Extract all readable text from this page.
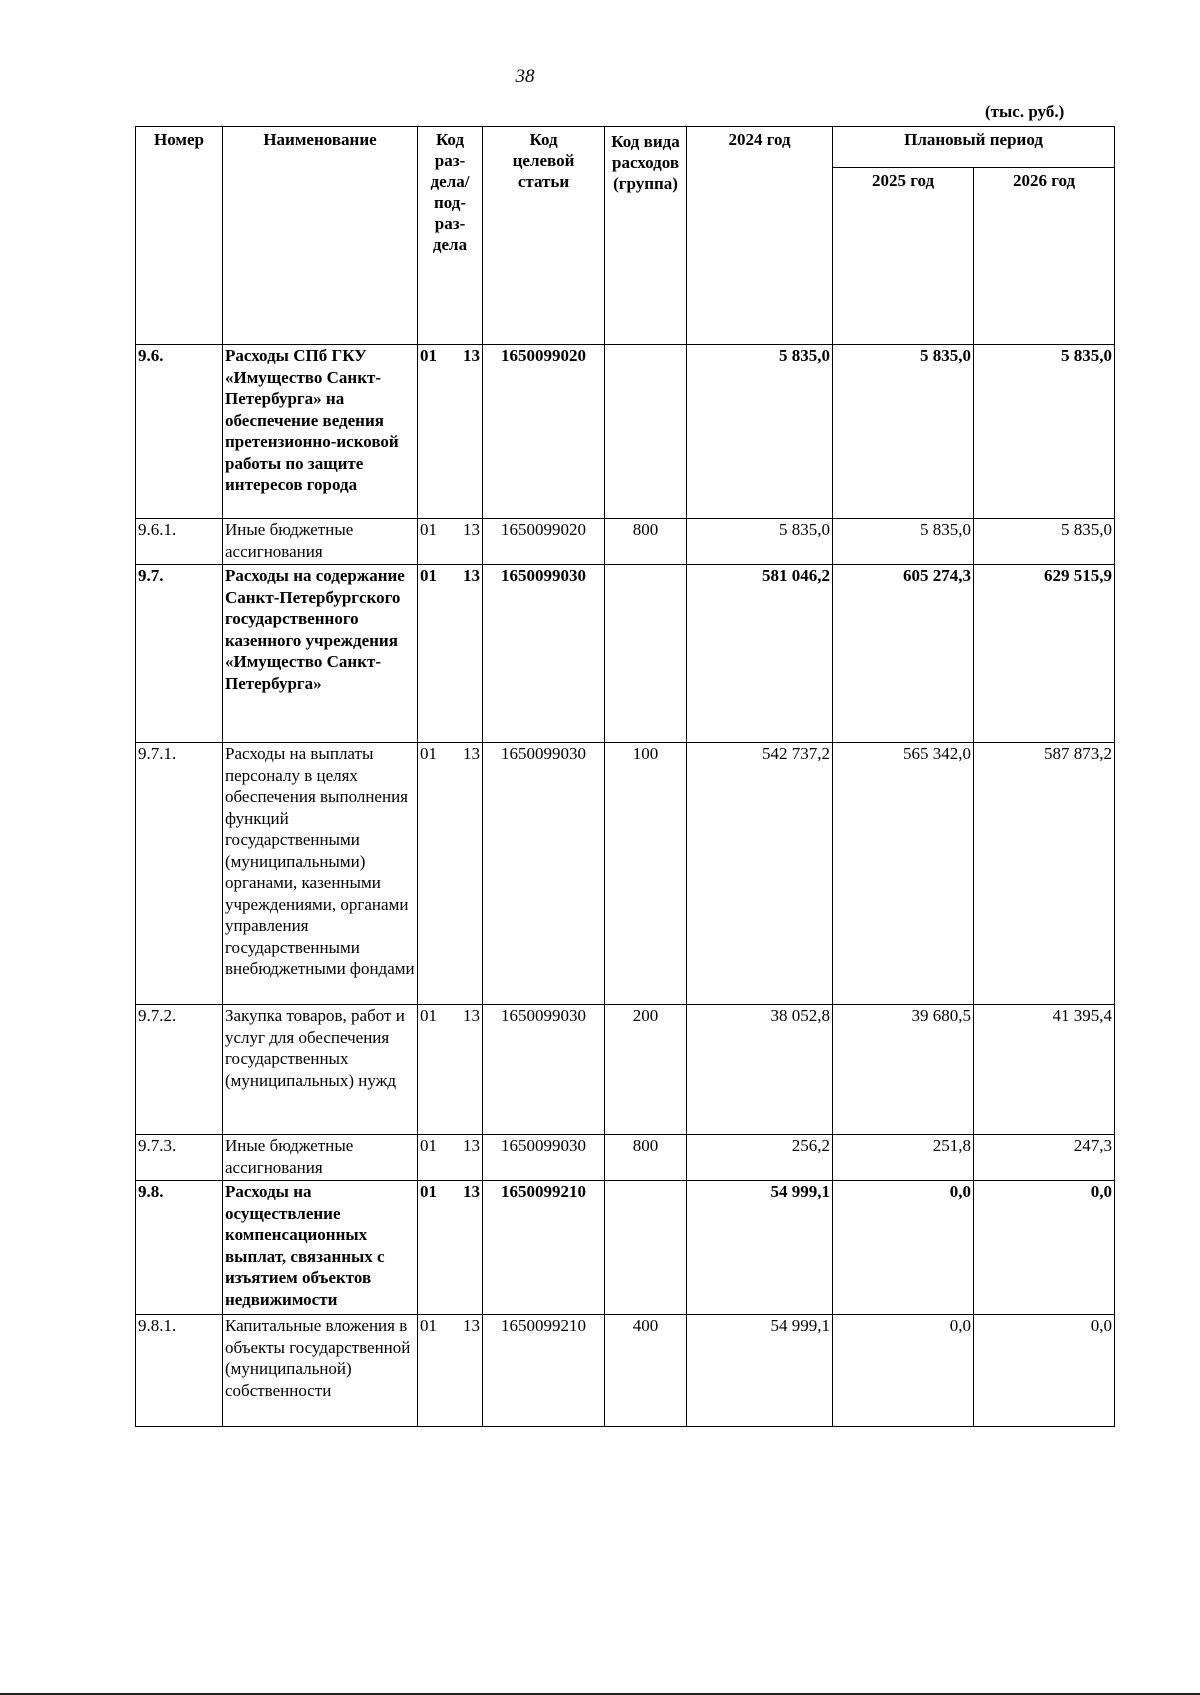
38
(тыс. руб.)
Номер	Наименование	Код раз- дела/ под- раз- дела		Код целевой статьи	Код вида расходов (группа)	2024 год	Плановый период	
							2025 год	2026 год
9.6.	Расходы СПб ГКУ «Имущество Санкт-Петербурга» на обеспечение ведения претензионно-исковой работы по защите интересов города	01	13	1650099020		5 835,0	5 835,0	5 835,0
9.6.1.	Иные бюджетные ассигнования	01	13	1650099020	800	5 835,0	5 835,0	5 835,0
9.7.	Расходы на содержание Санкт-Петербургского государственного казенного учреждения «Имущество Санкт-Петербурга»	01	13	1650099030		581 046,2	605 274,3	629 515,9
9.7.1.	Расходы на выплаты персоналу в целях обеспечения выполнения функций государственными (муниципальными) органами, казенными учреждениями, органами управления государственными внебюджетными фондами	01	13	1650099030	100	542 737,2	565 342,0	587 873,2
9.7.2.	Закупка товаров, работ и услуг для обеспечения государственных (муниципальных) нужд	01	13	1650099030	200	38 052,8	39 680,5	41 395,4
9.7.3.	Иные бюджетные ассигнования	01	13	1650099030	800	256,2	251,8	247,3
9.8.	Расходы на осуществление компенсационных выплат, связанных с изъятием объектов недвижимости	01	13	1650099210		54 999,1	0,0	0,0
9.8.1.	Капитальные вложения в объекты государственной (муниципальной) собственности	01	13	1650099210	400	54 999,1	0,0	0,0
